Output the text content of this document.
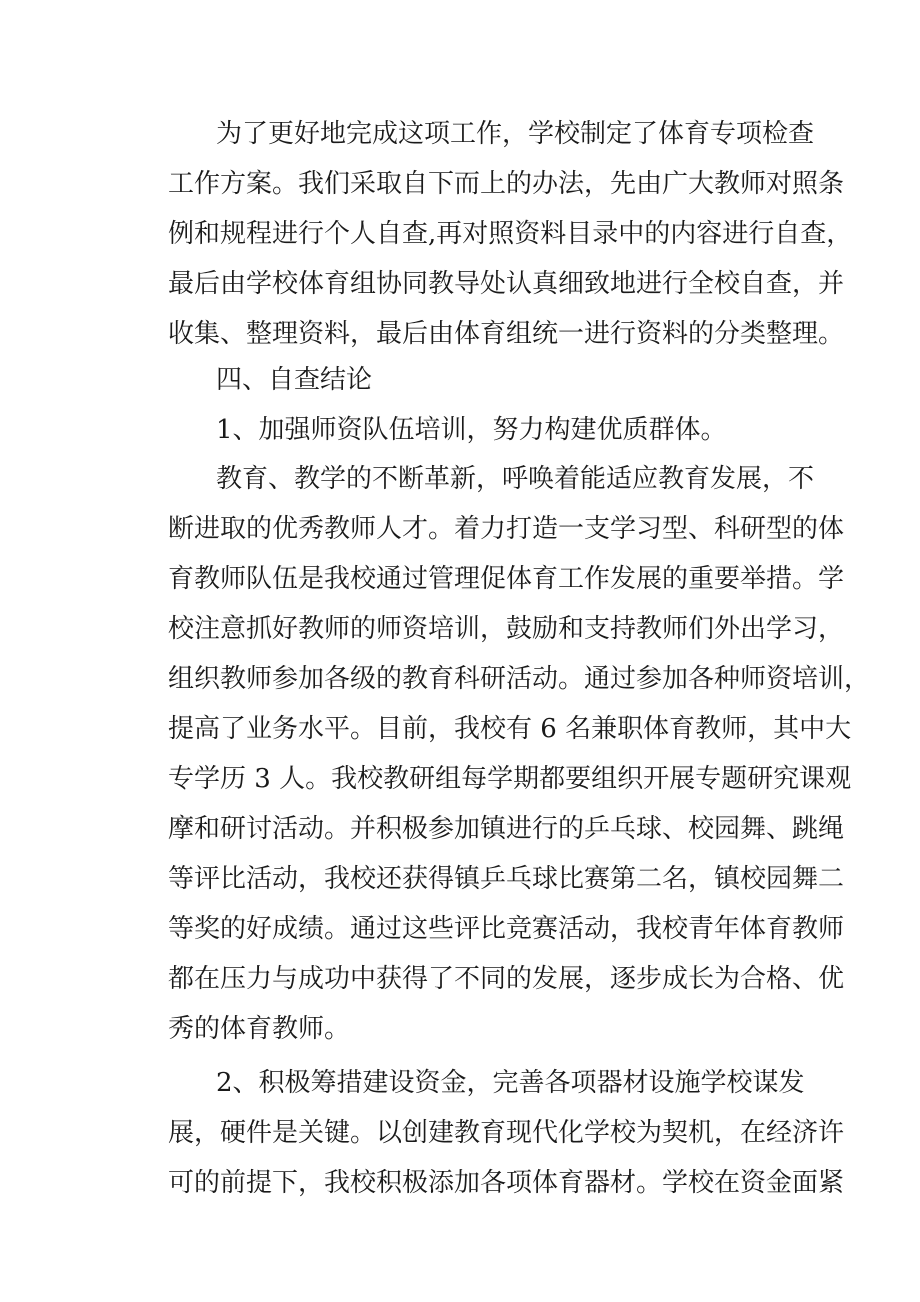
为了更好地完成这项工作，学校制定了体育专项检查
工作方案。我们采取自下而上的办法，先由广大教师对照条
例和规程进行个人自查,再对照资料目录中的内容进行自查，
最后由学校体育组协同教导处认真细致地进行全校自查，并
收集、整理资料，最后由体育组统一进行资料的分类整理。
四、自查结论
1、加强师资队伍培训，努力构建优质群体。
教育、教学的不断革新，呼唤着能适应教育发展，不
断进取的优秀教师人才。着力打造一支学习型、科研型的体
育教师队伍是我校通过管理促体育工作发展的重要举措。学
校注意抓好教师的师资培训，鼓励和支持教师们外出学习，
组织教师参加各级的教育科研活动。通过参加各种师资培训，
提高了业务水平。目前，我校有 6 名兼职体育教师，其中大
专学历 3 人。我校教研组每学期都要组织开展专题研究课观
摩和研讨活动。并积极参加镇进行的乒乓球、校园舞、跳绳
等评比活动，我校还获得镇乒乓球比赛第二名，镇校园舞二
等奖的好成绩。通过这些评比竞赛活动，我校青年体育教师
都在压力与成功中获得了不同的发展，逐步成长为合格、优
秀的体育教师。
2、积极筹措建设资金，完善各项器材设施学校谋发
展，硬件是关键。以创建教育现代化学校为契机，在经济许
可的前提下，我校积极添加各项体育器材。学校在资金面紧
